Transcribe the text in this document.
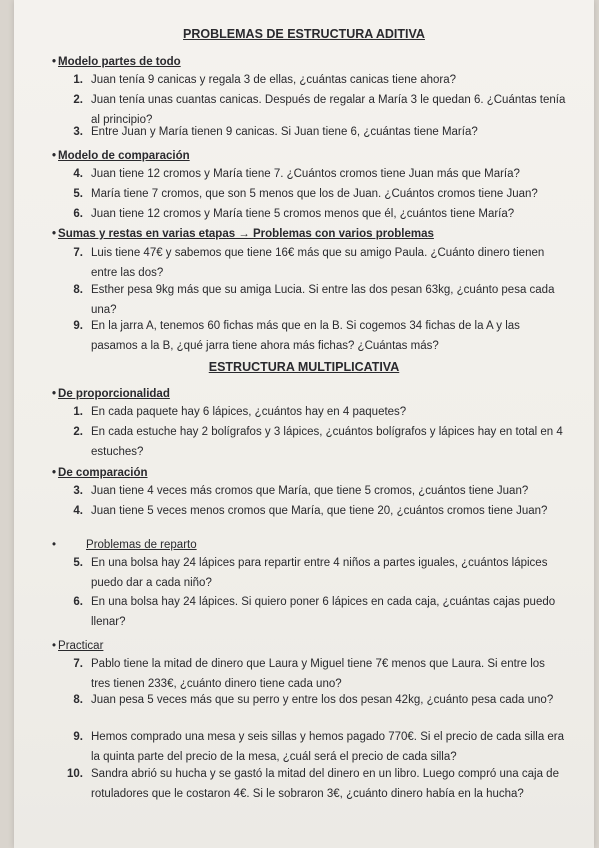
PROBLEMAS DE ESTRUCTURA ADITIVA
• Modelo partes de todo
1. Juan tenía 9 canicas y regala 3 de ellas, ¿cuántas canicas tiene ahora?
2. Juan tenía unas cuantas canicas. Después de regalar a María 3 le quedan 6. ¿Cuántas tenía al principio?
3. Entre Juan y María tienen 9 canicas. Si Juan tiene 6, ¿cuántas tiene María?
• Modelo de comparación
4. Juan tiene 12 cromos y María tiene 7. ¿Cuántos cromos tiene Juan más que María?
5. María tiene 7 cromos, que son 5 menos que los de Juan. ¿Cuántos cromos tiene Juan?
6. Juan tiene 12 cromos y María tiene 5 cromos menos que él, ¿cuántos tiene María?
• Sumas y restas en varias etapas → Problemas con varios problemas
7. Luis tiene 47€ y sabemos que tiene 16€ más que su amigo Paula. ¿Cuánto dinero tienen entre las dos?
8. Esther pesa 9kg más que su amiga Lucia. Si entre las dos pesan 63kg, ¿cuánto pesa cada una?
9. En la jarra A, tenemos 60 fichas más que en la B. Si cogemos 34 fichas de la A y las pasamos a la B, ¿qué jarra tiene ahora más fichas? ¿Cuántas más?
ESTRUCTURA MULTIPLICATIVA
• De proporcionalidad
1. En cada paquete hay 6 lápices, ¿cuántos hay en 4 paquetes?
2. En cada estuche hay 2 bolígrafos y 3 lápices, ¿cuántos bolígrafos y lápices hay en total en 4 estuches?
• De comparación
3. Juan tiene 4 veces más cromos que María, que tiene 5 cromos, ¿cuántos tiene Juan?
4. Juan tiene 5 veces menos cromos que María, que tiene 20, ¿cuántos cromos tiene Juan?
•	Problemas de reparto
5. En una bolsa hay 24 lápices para repartir entre 4 niños a partes iguales, ¿cuántos lápices puedo dar a cada niño?
6. En una bolsa hay 24 lápices. Si quiero poner 6 lápices en cada caja, ¿cuántas cajas puedo llenar?
• Practicar
7. Pablo tiene la mitad de dinero que Laura y Miguel tiene 7€ menos que Laura. Si entre los tres tienen 233€, ¿cuánto dinero tiene cada uno?
8. Juan pesa 5 veces más que su perro y entre los dos pesan 42kg, ¿cuánto pesa cada uno?
9. Hemos comprado una mesa y seis sillas y hemos pagado 770€. Si el precio de cada silla era la quinta parte del precio de la mesa, ¿cuál será el precio de cada silla?
10. Sandra abrió su hucha y se gastó la mitad del dinero en un libro. Luego compró una caja de rotuladores que le costaron 4€. Si le sobraron 3€, ¿cuánto dinero había en la hucha?
